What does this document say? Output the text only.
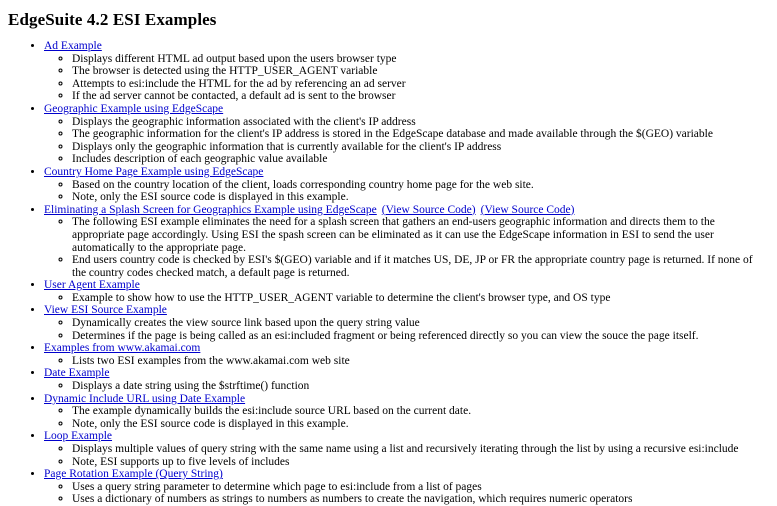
EdgeSuite 4.2 ESI Examples
• Ad Example
◦ Displays different HTML ad output based upon the users browser type
◦ The browser is detected using the HTTP_USER_AGENT variable
◦ Attempts to esi:include the HTML for the ad by referencing an ad server
◦ If the ad server cannot be contacted, a default ad is sent to the browser
• Geographic Example using EdgeScape
◦ Displays the geographic information associated with the client's IP address
◦ The geographic information for the client's IP address is stored in the EdgeScape database and made available through the $(GEO) variable
◦ Displays only the geographic information that is currently available for the client's IP address
◦ Includes description of each geographic value available
• Country Home Page Example using EdgeScape
◦ Based on the country location of the client, loads corresponding country home page for the web site.
◦ Note, only the ESI source code is displayed in this example.
• Eliminating a Splash Screen for Geographics Example using EdgeScape (View Source Code) (View Source Code)
◦ The following ESI example eliminates the need for a splash screen that gathers an end-users geographic information and directs them to the appropriate page accordingly. Using ESI the spash screen can be eliminated as it can use the EdgeScape information in ESI to send the user automatically to the appropriate page.
◦ End users country code is checked by ESI's $(GEO) variable and if it matches US, DE, JP or FR the appropriate country page is returned. If none of the country codes checked match, a default page is returned.
• User Agent Example
◦ Example to show how to use the HTTP_USER_AGENT variable to determine the client's browser type, and OS type
• View ESI Source Example
◦ Dynamically creates the view source link based upon the query string value
◦ Determines if the page is being called as an esi:included fragment or being referenced directly so you can view the souce the page itself.
• Examples from www.akamai.com
◦ Lists two ESI examples from the www.akamai.com web site
• Date Example
◦ Displays a date string using the $strftime() function
• Dynamic Include URL using Date Example
◦ The example dynamically builds the esi:include source URL based on the current date.
◦ Note, only the ESI source code is displayed in this example.
• Loop Example
◦ Displays multiple values of query string with the same name using a list and recursively iterating through the list by using a recursive esi:include
◦ Note, ESI supports up to five levels of includes
• Page Rotation Example (Query String)
◦ Uses a query string parameter to determine which page to esi:include from a list of pages
◦ Uses a dictionary of numbers as strings to numbers as numbers to create the navigation, which requires numeric operators
